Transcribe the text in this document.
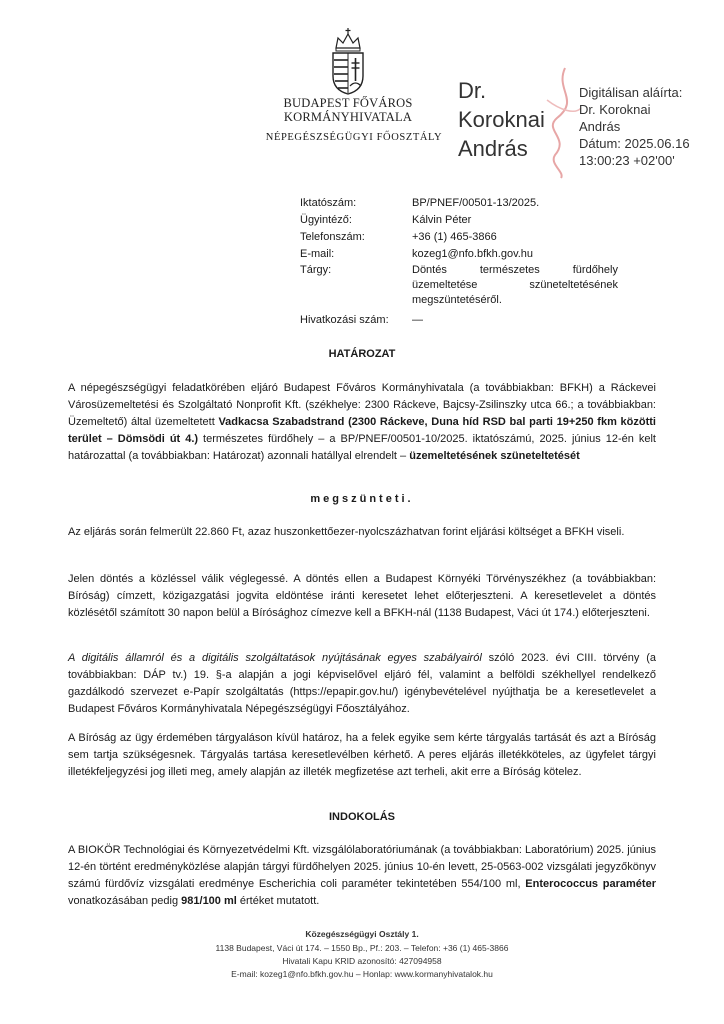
BUDAPEST FŐVÁROS
KORMÁNYHIVATALA
NÉPEGÉSZSÉGÜGYI FŐOSZTÁLY
Dr.
Koroknai
András
Digitálisan aláírta:
Dr. Koroknai
András
Dátum: 2025.06.16
13:00:23 +02'00'
Iktatószám:	BP/PNEF/00501-13/2025.
Ügyintéző:	Kálvin Péter
Telefonszám:	+36 (1) 465-3866
E-mail:	kozeg1@nfo.bfkh.gov.hu
Tárgy:	Döntés természetes fürdőhely üzemeltetése szüneteltetésének megszüntetéséről.
Hivatkozási szám:	—
HATÁROZAT
A népegészségügyi feladatkörében eljáró Budapest Főváros Kormányhivatala (a továbbiakban: BFKH) a Ráckevei Városüzemeltetési és Szolgáltató Nonprofit Kft. (székhelye: 2300 Ráckeve, Bajcsy-Zsilinszky utca 66.; a továbbiakban: Üzemeltető) által üzemeltetett Vadkacsa Szabadstrand (2300 Ráckeve, Duna híd RSD bal parti 19+250 fkm közötti terület – Dömsödi út 4.) természetes fürdőhely – a BP/PNEF/00501-10/2025. iktatószámú, 2025. június 12-én kelt határozattal (a továbbiakban: Határozat) azonnali hatállyal elrendelt – üzemeltetésének szüneteltetését
megszünteti.
Az eljárás során felmerült 22.860 Ft, azaz huszonkettőezer-nyolcszázhatvan forint eljárási költséget a BFKH viseli.
Jelen döntés a közléssel válik véglegessé. A döntés ellen a Budapest Környéki Törvényszékhez (a továbbiakban: Bíróság) címzett, közigazgatási jogvita eldöntése iránti keresetet lehet előterjeszteni. A keresetlevelet a döntés közlésétől számított 30 napon belül a Bírósághoz címezve kell a BFKH-nál (1138 Budapest, Váci út 174.) előterjeszteni.
A digitális államról és a digitális szolgáltatások nyújtásának egyes szabályairól szóló 2023. évi CIII. törvény (a továbbiakban: DÁP tv.) 19. §-a alapján a jogi képviselővel eljáró fél, valamint a belföldi székhellyel rendelkező gazdálkodó szervezet e-Papír szolgáltatás (https://epapir.gov.hu/) igénybevételével nyújthatja be a keresetlevelet a Budapest Főváros Kormányhivatala Népegészségügyi Főosztályához.
A Bíróság az ügy érdemében tárgyaláson kívül határoz, ha a felek egyike sem kérte tárgyalás tartását és azt a Bíróság sem tartja szükségesnek. Tárgyalás tartása keresetlevélben kérhető. A peres eljárás illetékköteles, az ügyfelet tárgyi illetékfeljegyzési jog illeti meg, amely alapján az illeték megfizetése azt terheli, akit erre a Bíróság kötelez.
INDOKOLÁS
A BIOKÖR Technológiai és Környezetvédelmi Kft. vizsgálólaboratóriumának (a továbbiakban: Laboratórium) 2025. június 12-én történt eredményközlése alapján tárgyi fürdőhelyen 2025. június 10-én levett, 25-0563-002 vizsgálati jegyzőkönyv számú fürdővíz vizsgálati eredménye Escherichia coli paraméter tekintetében 554/100 ml, Enterococcus paraméter vonatkozásában pedig 981/100 ml értéket mutatott.
Közegészségügyi Osztály 1.
1138 Budapest, Váci út 174. – 1550 Bp., Pf.: 203. – Telefon: +36 (1) 465-3866
Hivatali Kapu KRID azonosító: 427094958
E-mail: kozeg1@nfo.bfkh.gov.hu – Honlap: www.kormanyhivatalok.hu
